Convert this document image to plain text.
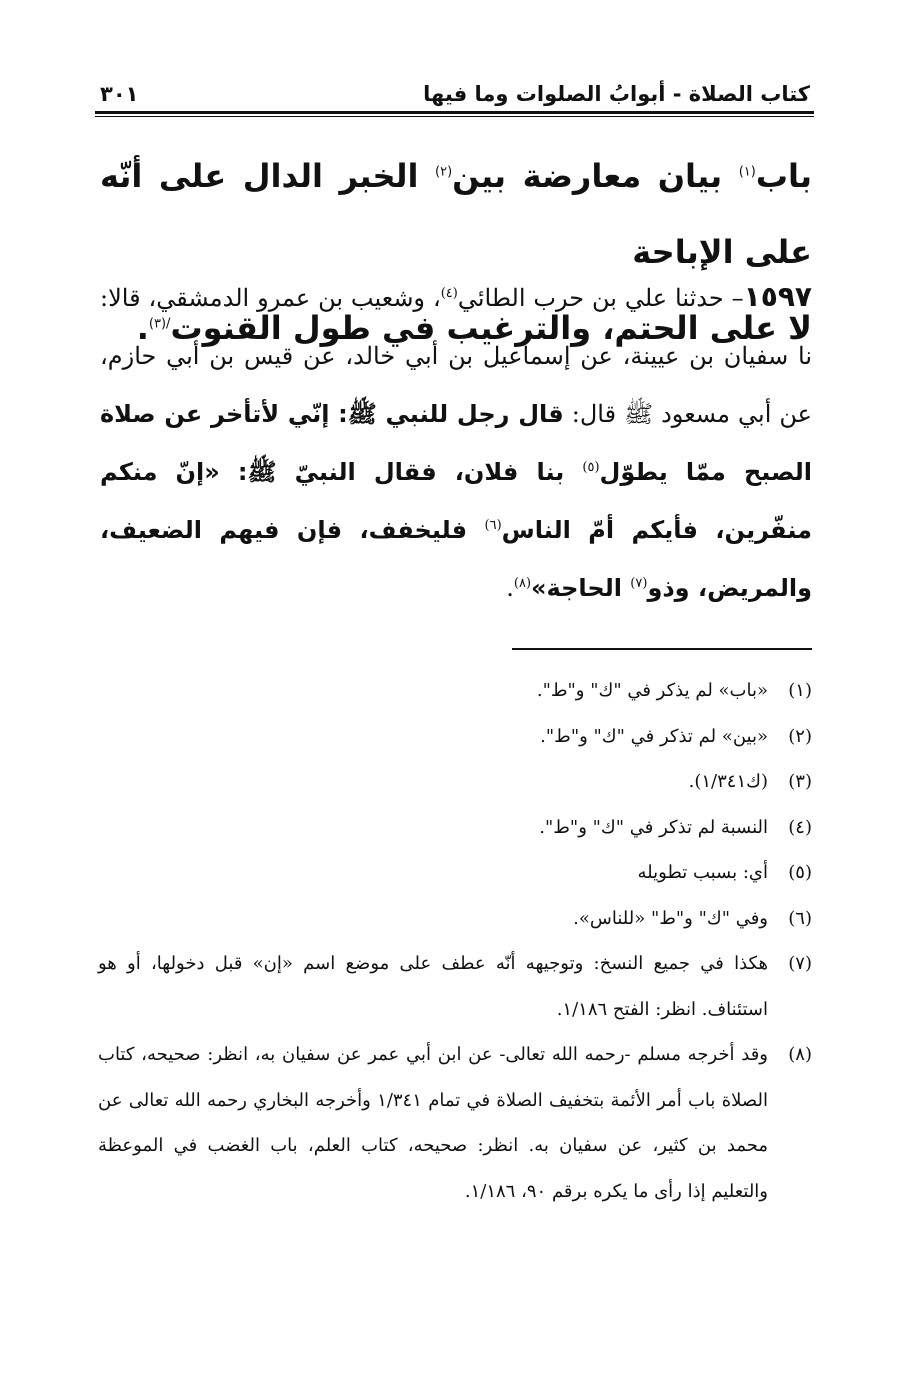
كتاب الصلاة - أبوابُ الصلوات وما فيها
٣٠١
باب$^{(١)}$ بيان معارضة بين$^{(٢)}$ الخبر الدال على أنّه على الإباحة
لا على الحتم، والترغيب في طول القنوت$^{/(٣)}$.

١٥٩٧– حدثنا علي بن حرب الطائي$^{(٤)}$، وشعيب بن عمرو الدمشقي، قالا: نا سفيان بن عيينة، عن إسماعيل بن أبي خالد، عن قيس بن أبي حازم، عن أبي مسعود ﷺ قال: قال رجل للنبي ﷺ: إنّي لأتأخر عن صلاة الصبح ممّا يطوّل$^{(٥)}$ بنا فلان، فقال النبيّ ﷺ: «إنّ منكم منفّرين، فأيكم أمّ الناس$^{(٦)}$ فليخفف، فإن فيهم الضعيف، والمريض، وذو$^{(٧)}$ الحاجة»$^{(٨)}$.

(١)
«باب» لم يذكر في "ك" و"ط".
(٢)
«بين» لم تذكر في "ك" و"ط".
(٣)
(ك١/٣٤١).
(٤)
النسبة لم تذكر في "ك" و"ط".
(٥)
أي: بسبب تطويله
(٦)
وفي "ك" و"ط" «للناس».
(٧)
هكذا في جميع النسخ: وتوجيهه أنّه عطف على موضع اسم «إن» قبل دخولها، أو هو استئناف. انظر: الفتح ١/١٨٦.
(٨)
وقد أخرجه مسلم -رحمه الله تعالى- عن ابن أبي عمر عن سفيان به، انظر: صحيحه، كتاب الصلاة باب أمر الأئمة بتخفيف الصلاة في تمام ١/٣٤١ وأخرجه البخاري رحمه الله تعالى عن محمد بن كثير، عن سفيان به. انظر: صحيحه، كتاب العلم، باب الغضب في الموعظة والتعليم إذا رأى ما يكره برقم ٩٠، ١/١٨٦.
